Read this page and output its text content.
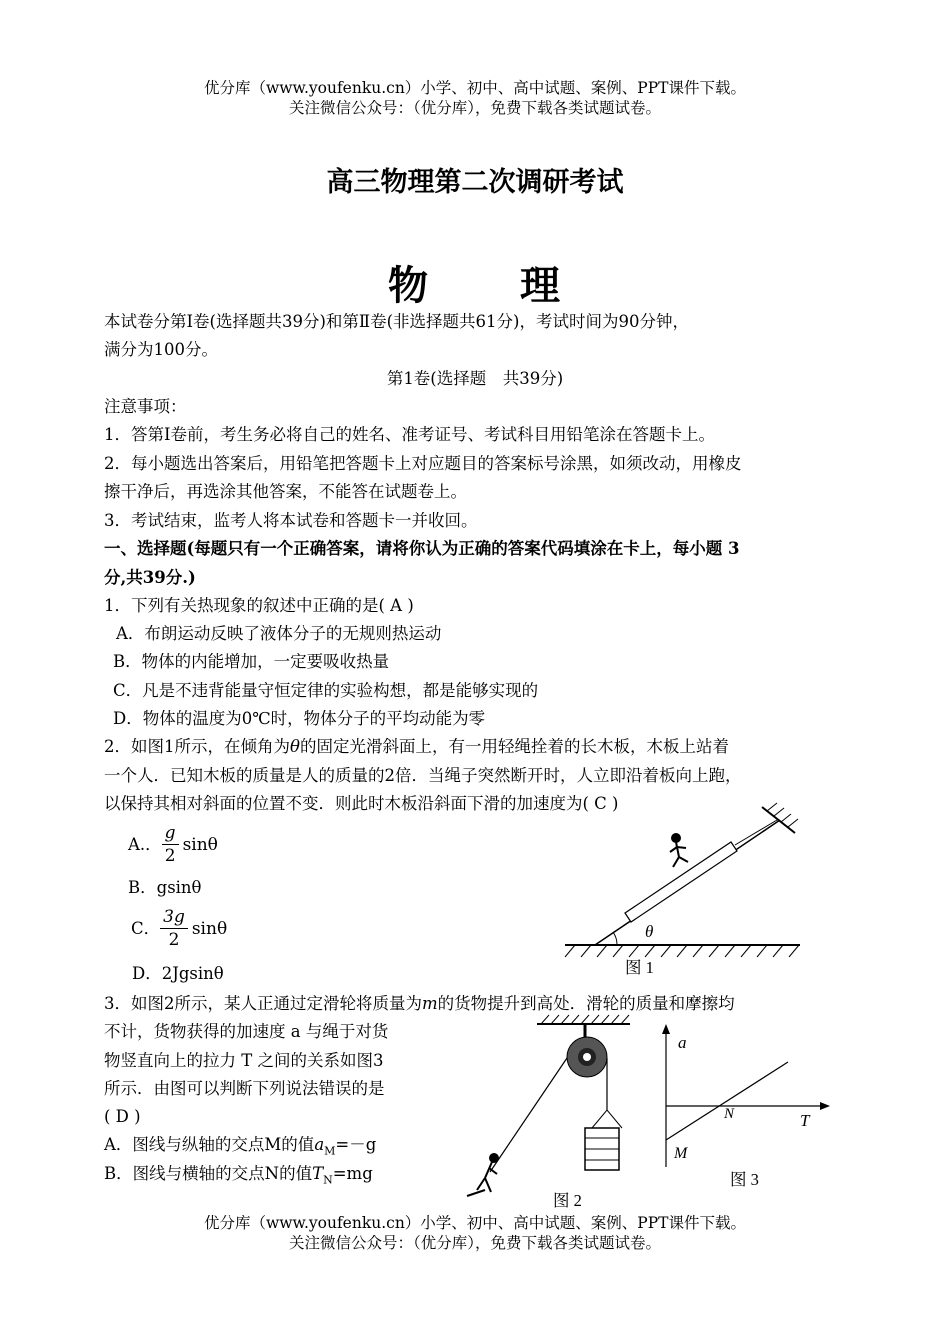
优分库（www.youfenku.cn）小学、初中、高中试题、案例、PPT课件下载。
关注微信公众号：（优分库），免费下载各类试题试卷。
高三物理第二次调研考试
物 理
本试卷分第Ⅰ卷(选择题共39分)和第Ⅱ卷(非选择题共61分)，考试时间为90分钟，
满分为100分。
第1卷(选择题　共39分)
注意事项：
1．答第Ⅰ卷前，考生务必将自己的姓名、准考证号、考试科目用铅笔涂在答题卡上。
2．每小题选出答案后，用铅笔把答题卡上对应题目的答案标号涂黑，如须改动，用橡皮
擦干净后，再选涂其他答案，不能答在试题卷上。
3．考试结束，监考人将本试卷和答题卡一并收回。
一、选择题(每题只有一个正确答案，请将你认为正确的答案代码填涂在卡上，每小题 3
分,共39分.)
1．下列有关热现象的叙述中正确的是( A )
A．布朗运动反映了液体分子的无规则热运动
B．物体的内能增加，一定要吸收热量
C．凡是不违背能量守恒定律的实验构想，都是能够实现的
D．物体的温度为0℃时，物体分子的平均动能为零
2．如图1所示，在倾角为θ的固定光滑斜面上，有一用轻绳拴着的长木板，木板上站着
一个人．已知木板的质量是人的质量的2倍．当绳子突然断开时，人立即沿着板向上跑，
以保持其相对斜面的位置不变．则此时木板沿斜面下滑的加速度为( C )
A.． $\frac{g}{2}$ sinθ
B．gsinθ
C． $\frac{3g}{2}$ sinθ
D．2Jgsinθ
θ
图 1
3．如图2所示，某人正通过定滑轮将质量为m的货物提升到高处．滑轮的质量和摩擦均
不计，货物获得的加速度 a 与绳于对货
物竖直向上的拉力 T 之间的关系如图3
所示．由图可以判断下列说法错误的是
( D )
A．图线与纵轴的交点M的值$a_M=-g$
B．图线与横轴的交点N的值$T_N=mg$
图 2
a
T
N
M
图 3
优分库（www.youfenku.cn）小学、初中、高中试题、案例、PPT课件下载。
关注微信公众号：（优分库），免费下载各类试题试卷。
